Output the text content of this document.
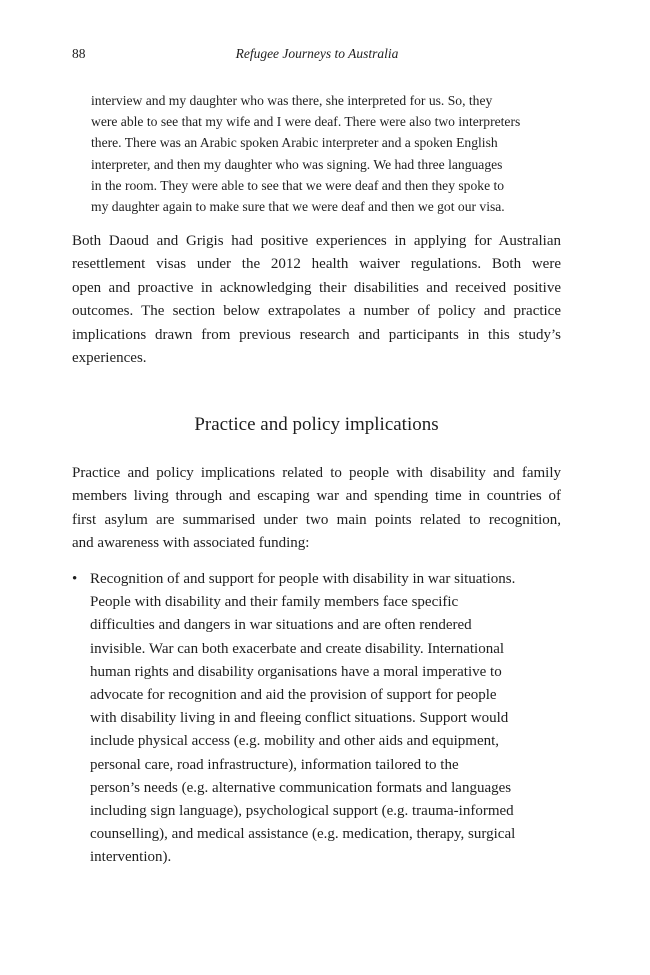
88	Refugee Journeys to Australia
interview and my daughter who was there, she interpreted for us. So, they
were able to see that my wife and I were deaf. There were also two interpreters
there. There was an Arabic spoken Arabic interpreter and a spoken English
interpreter, and then my daughter who was signing. We had three languages
in the room. They were able to see that we were deaf and then they spoke to
my daughter again to make sure that we were deaf and then we got our visa.
Both Daoud and Grigis had positive experiences in applying for Australian
resettlement visas under the 2012 health waiver regulations. Both were
open and proactive in acknowledging their disabilities and received positive
outcomes. The section below extrapolates a number of policy and practice
implications drawn from previous research and participants in this study’s
experiences.
Practice and policy implications
Practice and policy implications related to people with disability and family
members living through and escaping war and spending time in countries of
first asylum are summarised under two main points related to recognition,
and awareness with associated funding:
• Recognition of and support for people with disability in war situations.
People with disability and their family members face specific
difficulties and dangers in war situations and are often rendered
invisible. War can both exacerbate and create disability. International
human rights and disability organisations have a moral imperative to
advocate for recognition and aid the provision of support for people
with disability living in and fleeing conflict situations. Support would
include physical access (e.g. mobility and other aids and equipment,
personal care, road infrastructure), information tailored to the
person’s needs (e.g. alternative communication formats and languages
including sign language), psychological support (e.g. trauma-informed
counselling), and medical assistance (e.g. medication, therapy, surgical
intervention).
